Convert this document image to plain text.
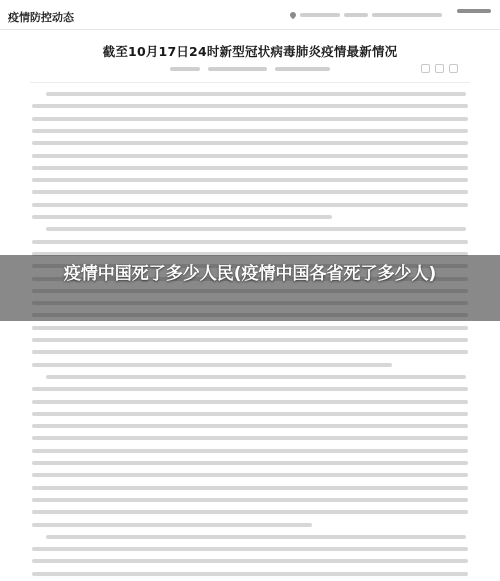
疫情防控动态
截至10月17日24时新型冠状病毒肺炎疫情最新情况
疫情中国死了多少人民(疫情中国各省死了多少人)
